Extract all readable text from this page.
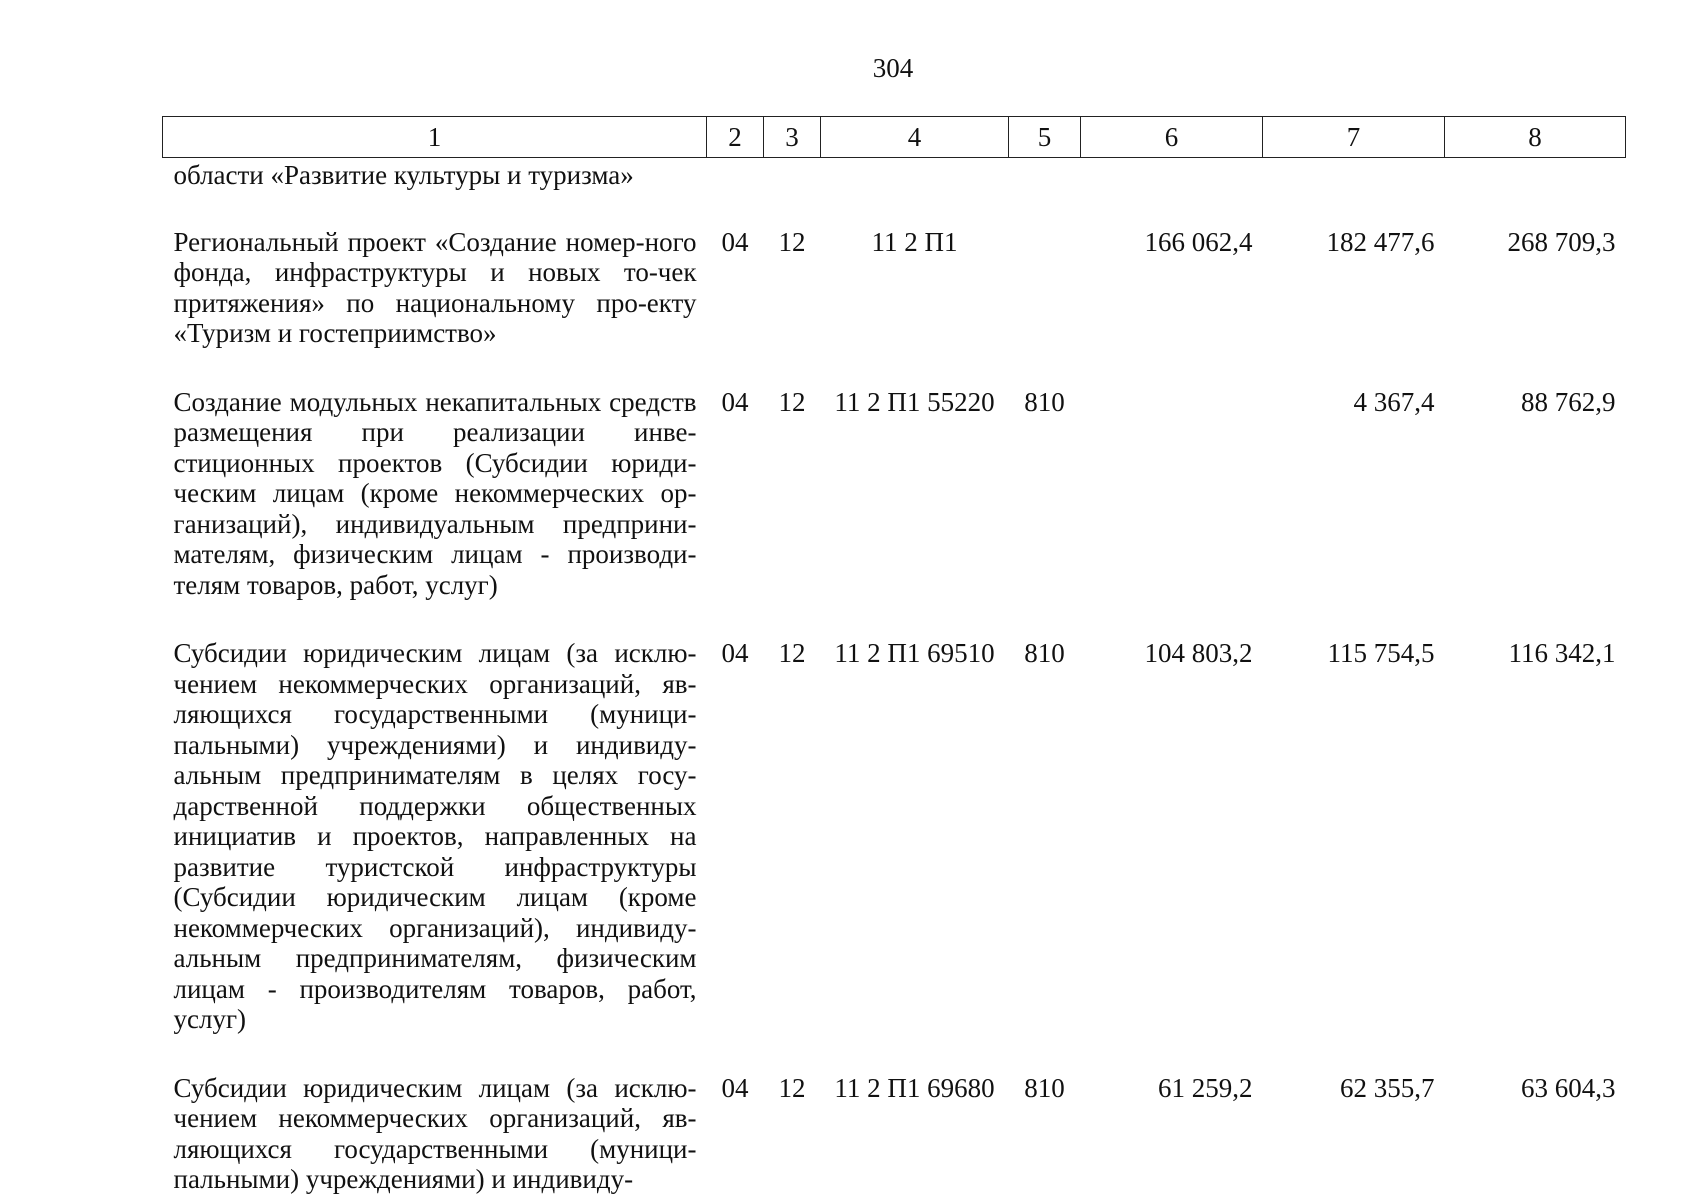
304
1	2	3	4	5	6	7	8
области «Развитие культуры и туризма»							
Региональный проект «Создание номер-ного фонда, инфраструктуры и новых то-чек притяжения» по национальному про-екту «Туризм и гостеприимство»	04	12	11 2 П1		166 062,4	182 477,6	268 709,3
Создание модульных некапитальных средств размещения при реализации инве-стиционных проектов (Субсидии юриди-ческим лицам (кроме некоммерческих ор-ганизаций), индивидуальным предприни-мателям, физическим лицам - производи-телям товаров, работ, услуг)	04	12	11 2 П1 55220	810		4 367,4	88 762,9
Субсидии юридическим лицам (за исклю-чением некоммерческих организаций, яв-ляющихся государственными (муници-пальными) учреждениями) и индивиду-альным предпринимателям в целях госу-дарственной поддержки общественных инициатив и проектов, направленных на развитие туристской инфраструктуры (Субсидии юридическим лицам (кроме некоммерческих организаций), индивиду-альным предпринимателям, физическим лицам - производителям товаров, работ, услуг)	04	12	11 2 П1 69510	810	104 803,2	115 754,5	116 342,1
Субсидии юридическим лицам (за исклю-чением некоммерческих организаций, яв-ляющихся государственными (муници-пальными) учреждениями) и индивиду-	04	12	11 2 П1 69680	810	61 259,2	62 355,7	63 604,3
